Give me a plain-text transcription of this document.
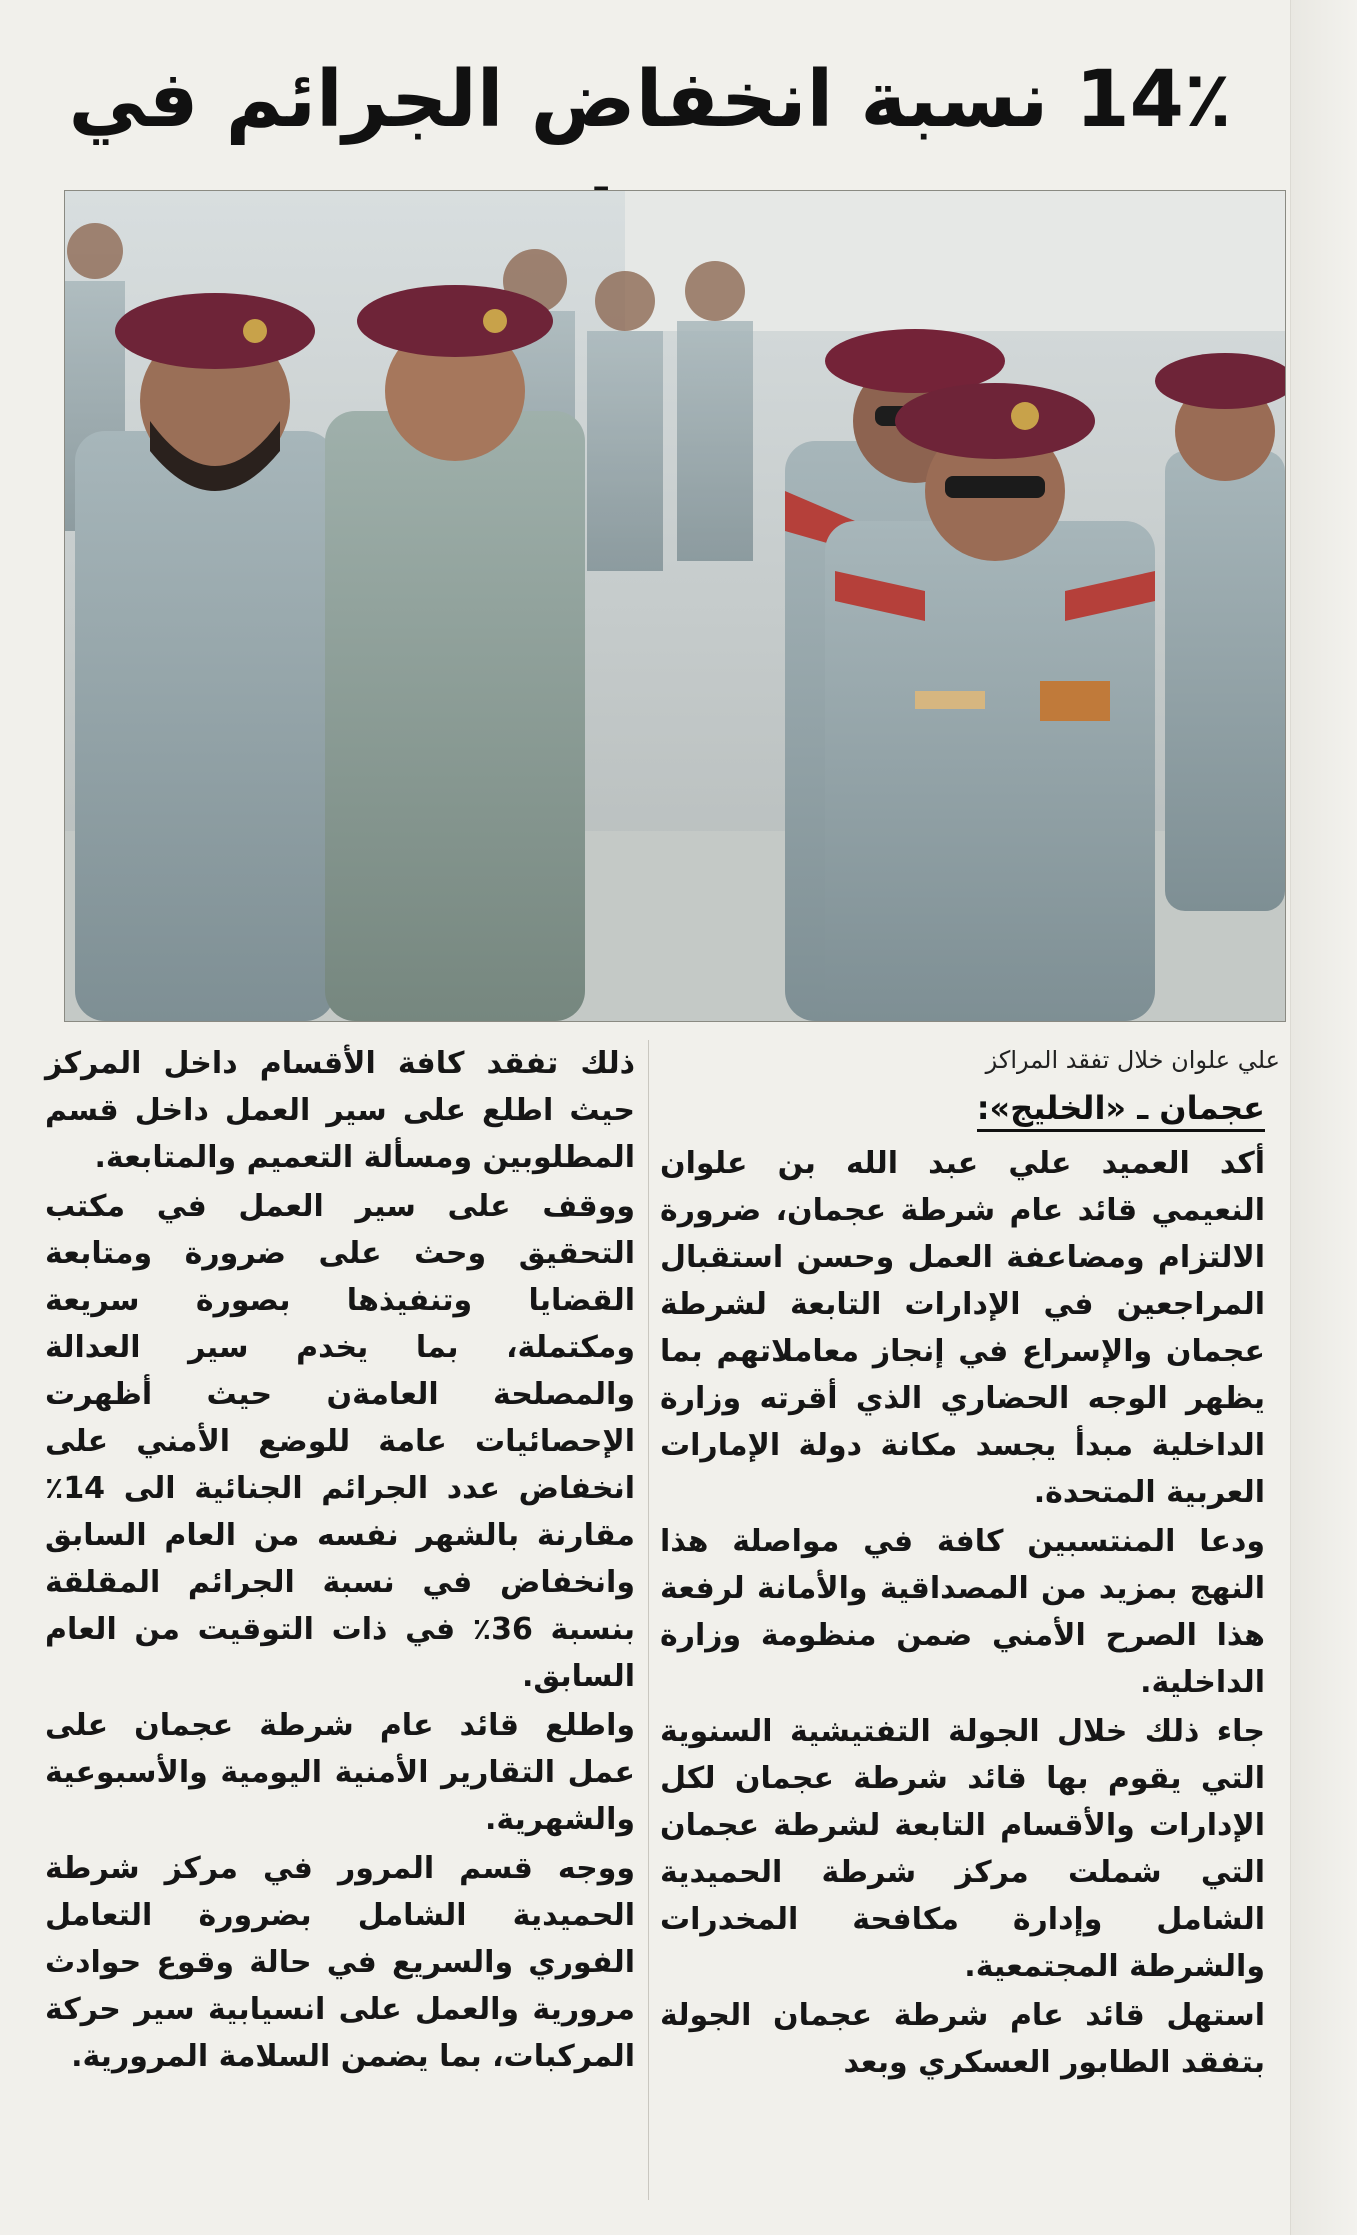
14٪ نسبة انخفاض الجرائم في
علي علوان خلال تفقد المراكز
عجمان ـ «الخليج»:

أكد العميد علي عبد الله بن علوان النعيمي قائد عام شرطة عجمان، ضرورة الالتزام ومضاعفة العمل وحسن استقبال المراجعين في الإدارات التابعة لشرطة عجمان والإسراع في إنجاز معاملاتهم بما يظهر الوجه الحضاري الذي أقرته وزارة الداخلية مبدأ يجسد مكانة دولة الإمارات العربية المتحدة.

ودعا المنتسبين كافة في مواصلة هذا النهج بمزيد من المصداقية والأمانة لرفعة هذا الصرح الأمني ضمن منظومة وزارة الداخلية.

جاء ذلك خلال الجولة التفتيشية السنوية التي يقوم بها قائد شرطة عجمان لكل الإدارات والأقسام التابعة لشرطة عجمان التي شملت مركز شرطة الحميدية الشامل وإدارة مكافحة المخدرات والشرطة المجتمعية.

استهل قائد عام شرطة عجمان الجولة بتفقد الطابور العسكري وبعد

ذلك تفقد كافة الأقسام داخل المركز حيث اطلع على سير العمل داخل قسم المطلوبين ومسألة التعميم والمتابعة.

ووقف على سير العمل في مكتب التحقيق وحث على ضرورة ومتابعة القضايا وتنفيذها بصورة سريعة ومكتملة، بما يخدم سير العدالة والمصلحة العامةن حيث أظهرت الإحصائيات عامة للوضع الأمني على انخفاض عدد الجرائم الجنائية الى 14٪ مقارنة بالشهر نفسه من العام السابق وانخفاض في نسبة الجرائم المقلقة بنسبة 36٪ في ذات التوقيت من العام السابق.

واطلع قائد عام شرطة عجمان على عمل التقارير الأمنية اليومية والأسبوعية والشهرية.

ووجه قسم المرور في مركز شرطة الحميدية الشامل بضرورة التعامل الفوري والسريع في حالة وقوع حوادث مرورية والعمل على انسيابية سير حركة المركبات، بما يضمن السلامة المرورية.
